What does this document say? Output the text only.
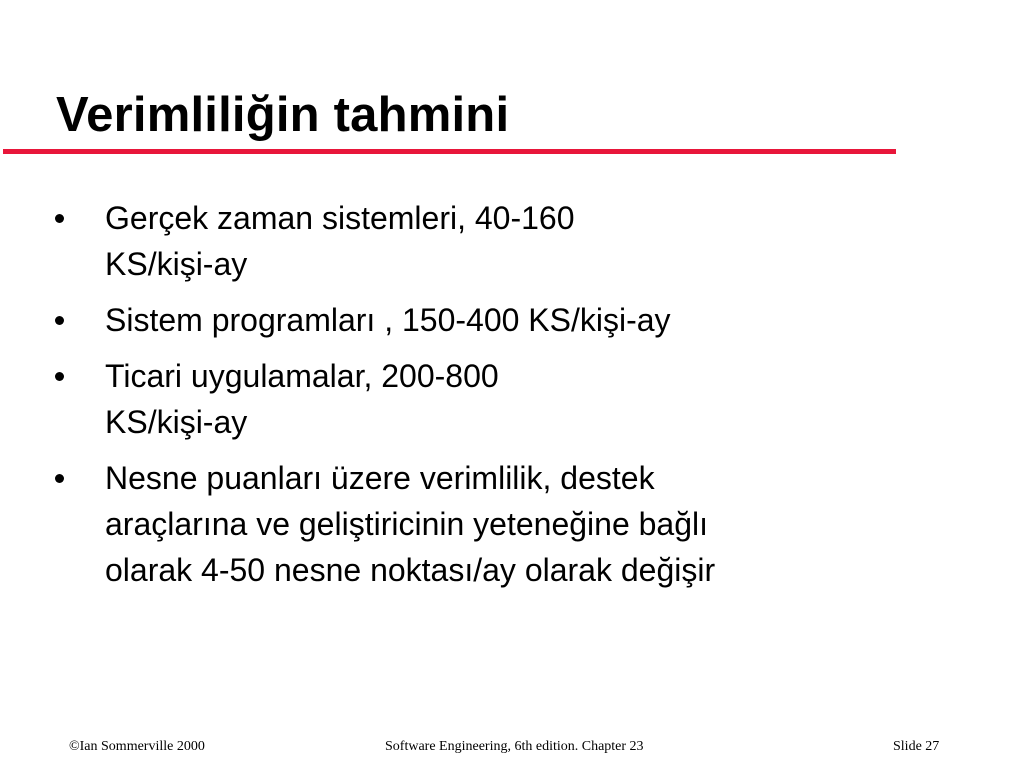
Verimliliğin tahmini
Gerçek zaman sistemleri, 40-160
KS/kişi-ay
Sistem programları , 150-400 KS/kişi-ay
Ticari uygulamalar, 200-800
KS/kişi-ay
Nesne puanları üzere verimlilik, destek
araçlarına ve geliştiricinin yeteneğine bağlı
olarak 4-50 nesne noktası/ay olarak değişir
©Ian Sommerville 2000	Software Engineering, 6th edition. Chapter 23	Slide 27
